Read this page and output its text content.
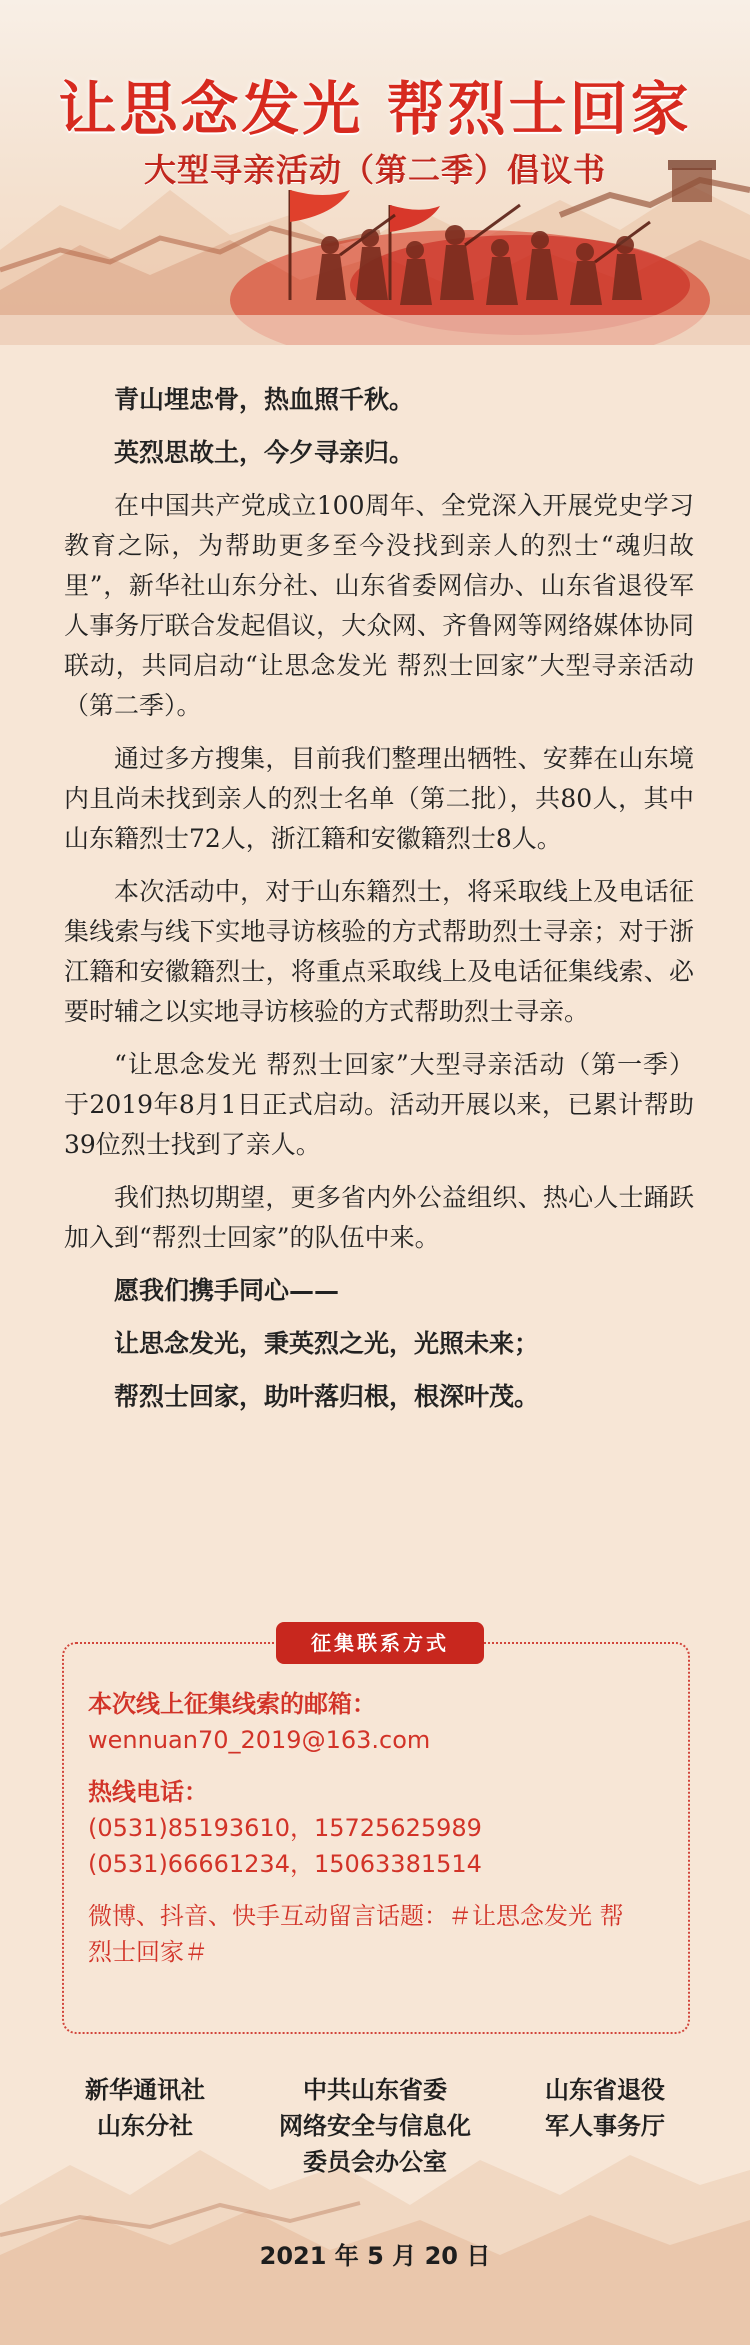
让思念发光 帮烈士回家
大型寻亲活动（第二季）倡议书

青山埋忠骨，热血照千秋。

英烈思故土，今夕寻亲归。

在中国共产党成立100周年、全党深入开展党史学习教育之际，为帮助更多至今没找到亲人的烈士“魂归故里”，新华社山东分社、山东省委网信办、山东省退役军人事务厅联合发起倡议，大众网、齐鲁网等网络媒体协同联动，共同启动“让思念发光 帮烈士回家”大型寻亲活动（第二季）。

通过多方搜集，目前我们整理出牺牲、安葬在山东境内且尚未找到亲人的烈士名单（第二批），共80人，其中山东籍烈士72人，浙江籍和安徽籍烈士8人。

本次活动中，对于山东籍烈士，将采取线上及电话征集线索与线下实地寻访核验的方式帮助烈士寻亲；对于浙江籍和安徽籍烈士，将重点采取线上及电话征集线索、必要时辅之以实地寻访核验的方式帮助烈士寻亲。

“让思念发光 帮烈士回家”大型寻亲活动（第一季）于2019年8月1日正式启动。活动开展以来，已累计帮助39位烈士找到了亲人。

我们热切期望，更多省内外公益组织、热心人士踊跃加入到“帮烈士回家”的队伍中来。

愿我们携手同心——

让思念发光，秉英烈之光，光照未来；

帮烈士回家，助叶落归根，根深叶茂。

征集联系方式
本次线上征集线索的邮箱：
wennuan70_2019@163.com
热线电话：
(0531)85193610，15725625989
(0531)66661234，15063381514
微博、抖音、快手互动留言话题：＃让思念发光 帮
烈士回家＃
新华通讯社
山东分社
中共山东省委
网络安全与信息化
委员会办公室
山东省退役
军人事务厅
2021 年 5 月 20 日
